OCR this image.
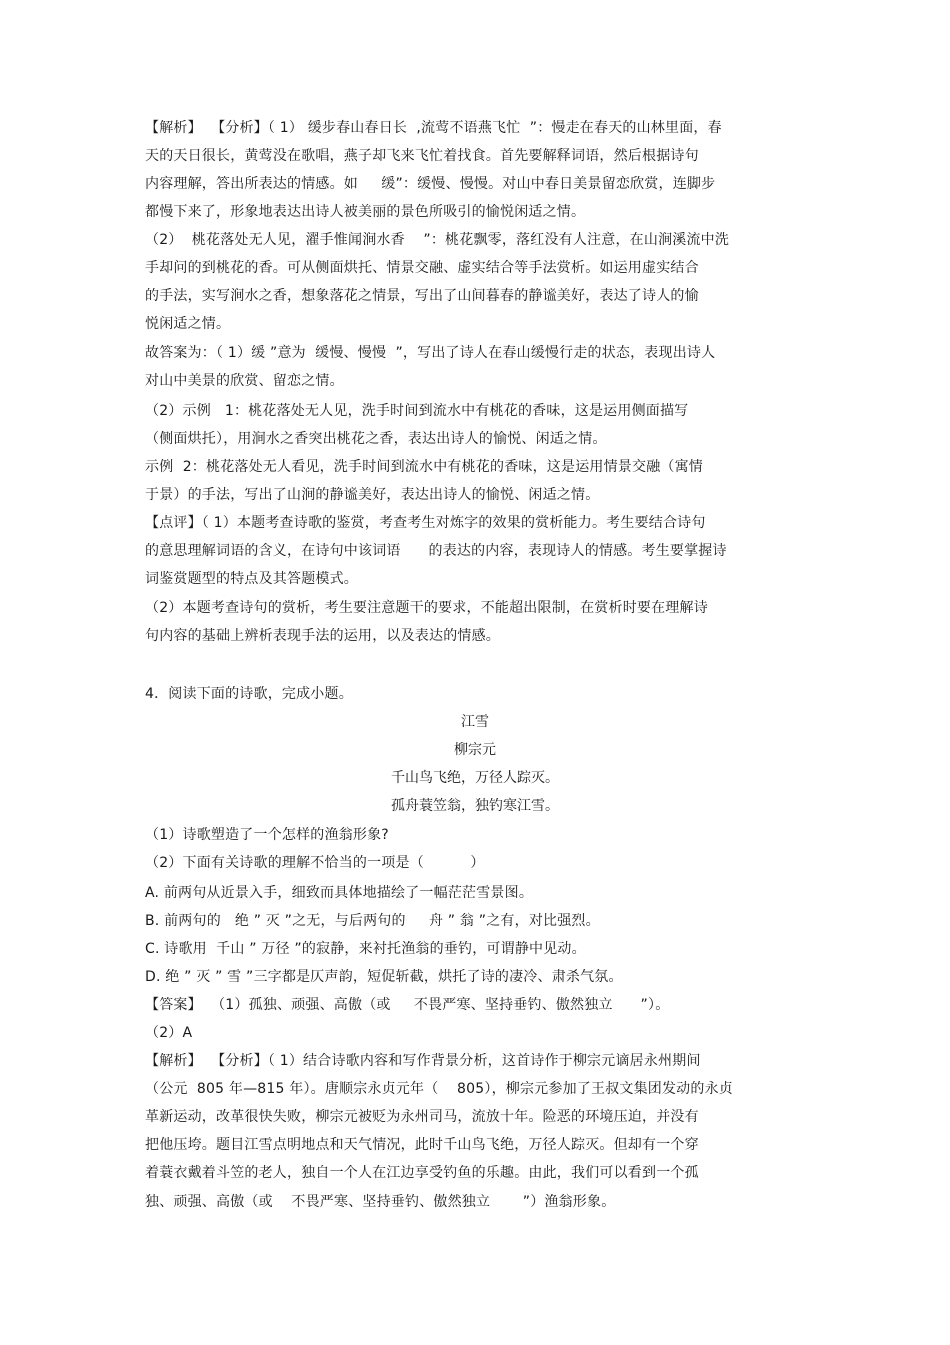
【解析】  【分析】（ 1） 缓步春山春日长  ,流莺不语燕飞忙  ”：慢走在春天的山林里面，春
天的天日很长，黄莺没在歌唱，燕子却飞来飞忙着找食。首先要解释词语，然后根据诗句
内容理解，答出所表达的情感。如     缓”：缓慢、慢慢。对山中春日美景留恋欣赏，连脚步
都慢下来了，形象地表达出诗人被美丽的景色所吸引的愉悦闲适之情。
（2）  桃花落处无人见，濯手惟闻涧水香    ”：桃花飘零，落红没有人注意，在山涧溪流中洗
手却问的到桃花的香。可从侧面烘托、情景交融、虚实结合等手法赏析。如运用虚实结合
的手法，实写涧水之香，想象落花之情景，写出了山间暮春的静谧美好，表达了诗人的愉
悦闲适之情。
故答案为：（ 1）缓 ”意为  缓慢、慢慢  ”，写出了诗人在春山缓慢行走的状态，表现出诗人
对山中美景的欣赏、留恋之情。
（2）示例   1：桃花落处无人见，洗手时间到流水中有桃花的香味，这是运用侧面描写
（侧面烘托），用涧水之香突出桃花之香，表达出诗人的愉悦、闲适之情。
示例  2：桃花落处无人看见，洗手时间到流水中有桃花的香味，这是运用情景交融（寓情
于景）的手法，写出了山涧的静谧美好，表达出诗人的愉悦、闲适之情。
【点评】（ 1）本题考查诗歌的鉴赏，考查考生对炼字的效果的赏析能力。考生要结合诗句
的意思理解词语的含义，在诗句中该词语      的表达的内容，表现诗人的情感。考生要掌握诗
词鉴赏题型的特点及其答题模式。
（2）本题考查诗句的赏析，考生要注意题干的要求，不能超出限制，在赏析时要在理解诗
句内容的基础上辨析表现手法的运用，以及表达的情感。
4．阅读下面的诗歌，完成小题。
江雪
柳宗元
千山鸟飞绝，万径人踪灭。
孤舟蓑笠翁，独钓寒江雪。
（1）诗歌塑造了一个怎样的渔翁形象?
（2）下面有关诗歌的理解不恰当的一项是（          ）
A. 前两句从近景入手，细致而具体地描绘了一幅茫茫雪景图。
B. 前两句的   绝 ” 灭 ”之无，与后两句的     舟 ” 翁 ”之有，对比强烈。
C. 诗歌用  千山 ” 万径 ”的寂静，来衬托渔翁的垂钓，可谓静中见动。
D. 绝 ” 灭 ” 雪 ”三字都是仄声韵，短促斩截，烘托了诗的凄冷、肃杀气氛。
【答案】  （1）孤独、顽强、高傲（或     不畏严寒、坚持垂钓、傲然独立      ”）。
（2）A
【解析】  【分析】（ 1）结合诗歌内容和写作背景分析，这首诗作于柳宗元谪居永州期间
（公元  805 年—815 年）。唐顺宗永贞元年（    805），柳宗元参加了王叔文集团发动的永贞
革新运动，改革很快失败，柳宗元被贬为永州司马，流放十年。险恶的环境压迫，并没有
把他压垮。题目江雪点明地点和天气情况，此时千山鸟飞绝，万径人踪灭。但却有一个穿
着蓑衣戴着斗笠的老人，独自一个人在江边享受钓鱼的乐趣。由此，我们可以看到一个孤
独、顽强、高傲（或    不畏严寒、坚持垂钓、傲然独立       ”）渔翁形象。
